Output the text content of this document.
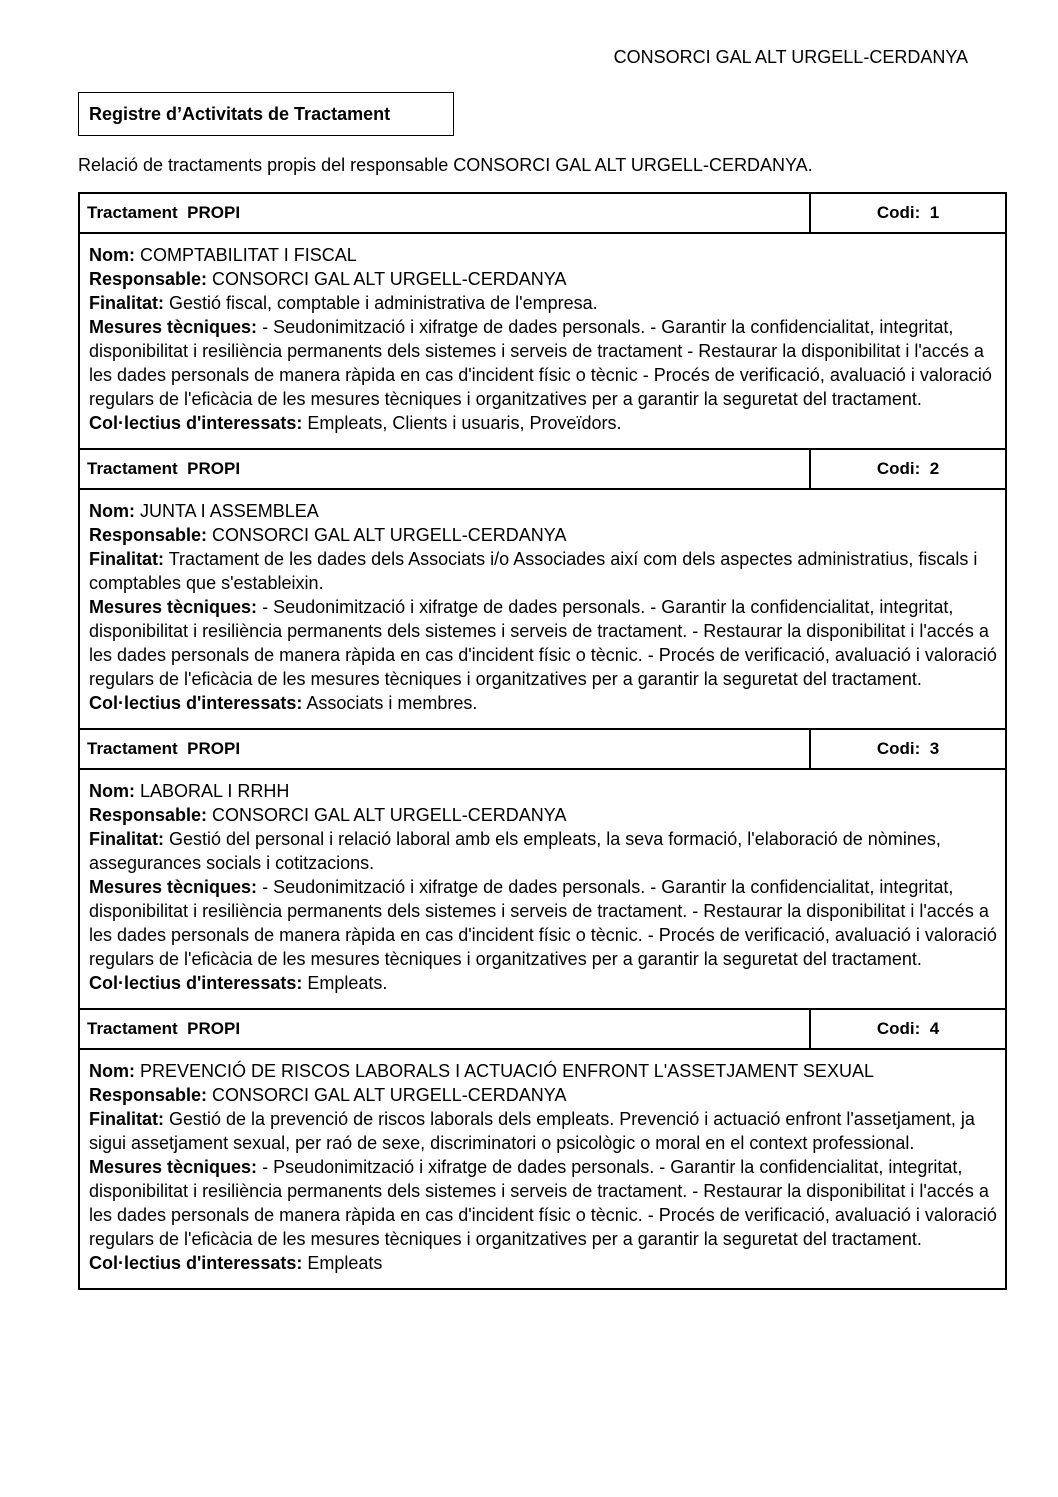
CONSORCI GAL ALT URGELL-CERDANYA
Registre d’Activitats de Tractament
Relació de tractaments propis del responsable CONSORCI GAL ALT URGELL-CERDANYA.
Tractament  PROPI	Codi: 1
Nom: COMPTABILITAT I FISCAL
Responsable: CONSORCI GAL ALT URGELL-CERDANYA
Finalitat: Gestió fiscal, comptable i administrativa de l'empresa.
Mesures tècniques: - Seudonimització i xifratge de dades personals. - Garantir la confidencialitat, integritat, disponibilitat i resiliència permanents dels sistemes i serveis de tractament - Restaurar la disponibilitat i l'accés a les dades personals de manera ràpida en cas d'incident físic o tècnic - Procés de verificació, avaluació i valoració regulars de l'eficàcia de les mesures tècniques i organitzatives per a garantir la seguretat del tractament.
Col·lectius d'interessats: Empleats, Clients i usuaris, Proveïdors.
Tractament  PROPI	Codi: 2
Nom: JUNTA I ASSEMBLEA
Responsable: CONSORCI GAL ALT URGELL-CERDANYA
Finalitat: Tractament de les dades dels Associats i/o Associades així com dels aspectes administratius, fiscals i comptables que s'estableixin.
Mesures tècniques: - Seudonimització i xifratge de dades personals. - Garantir la confidencialitat, integritat, disponibilitat i resiliència permanents dels sistemes i serveis de tractament. - Restaurar la disponibilitat i l'accés a les dades personals de manera ràpida en cas d'incident físic o tècnic. - Procés de verificació, avaluació i valoració regulars de l'eficàcia de les mesures tècniques i organitzatives per a garantir la seguretat del tractament.
Col·lectius d'interessats: Associats i membres.
Tractament  PROPI	Codi: 3
Nom: LABORAL I RRHH
Responsable: CONSORCI GAL ALT URGELL-CERDANYA
Finalitat: Gestió del personal i relació laboral amb els empleats, la seva formació, l'elaboració de nòmines, assegurances socials i cotitzacions.
Mesures tècniques: - Seudonimització i xifratge de dades personals. - Garantir la confidencialitat, integritat, disponibilitat i resiliència permanents dels sistemes i serveis de tractament. - Restaurar la disponibilitat i l'accés a les dades personals de manera ràpida en cas d'incident físic o tècnic. - Procés de verificació, avaluació i valoració regulars de l'eficàcia de les mesures tècniques i organitzatives per a garantir la seguretat del tractament.
Col·lectius d'interessats: Empleats.
Tractament  PROPI	Codi: 4
Nom: PREVENCIÓ DE RISCOS LABORALS I ACTUACIÓ ENFRONT L'ASSETJAMENT SEXUAL
Responsable: CONSORCI GAL ALT URGELL-CERDANYA
Finalitat: Gestió de la prevenció de riscos laborals dels empleats. Prevenció i actuació enfront l'assetjament, ja sigui assetjament sexual, per raó de sexe, discriminatori o psicològic o moral en el context professional.
Mesures tècniques: - Pseudonimització i xifratge de dades personals. - Garantir la confidencialitat, integritat, disponibilitat i resiliència permanents dels sistemes i serveis de tractament. - Restaurar la disponibilitat i l'accés a les dades personals de manera ràpida en cas d'incident físic o tècnic. - Procés de verificació, avaluació i valoració regulars de l'eficàcia de les mesures tècniques i organitzatives per a garantir la seguretat del tractament.
Col·lectius d'interessats: Empleats
